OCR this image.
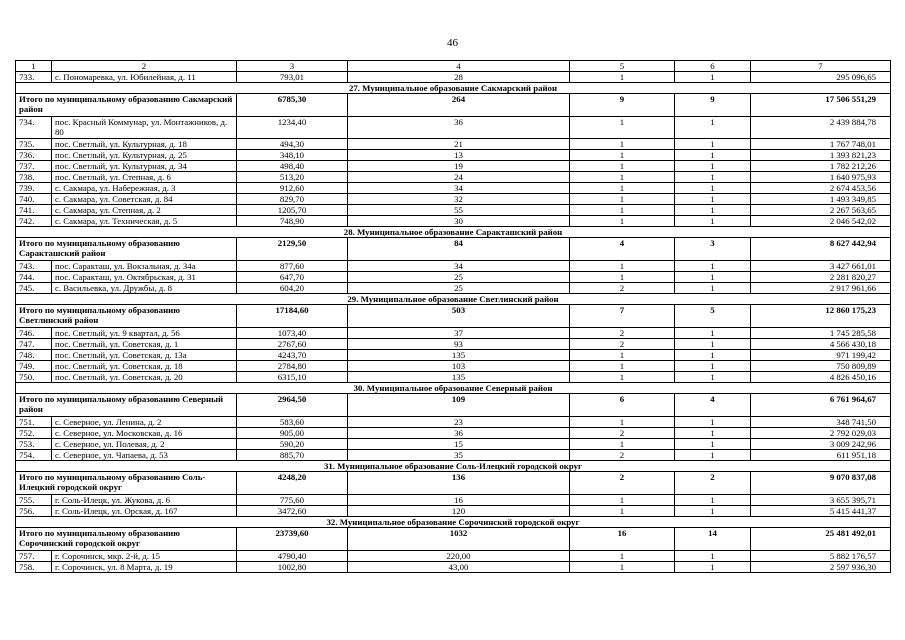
46
1	2	3	4	5	6	7
733.	с. Пономаревка, ул. Юбилейная, д. 11	793,01	28	1	1	295 096,65
27. Муниципальное образование Сакмарский район						
Итого по муниципальному образованию Сакмарский район		6785,30	264	9	9	17 506 551,29
734.	пос. Красный Коммунар, ул. Монтажников, д. 80	1234,40	36	1	1	2 439 884,78
735.	пос. Светлый, ул. Культурная, д. 18	494,30	21	1	1	1 767 748,01
736.	пос. Светлый, ул. Культурная, д. 25	348,10	13	1	1	1 393 821,23
737.	пос. Светлый, ул. Культурная, д. 34	498,40	19	1	1	1 782 212,26
738.	пос. Светлый, ул. Степная, д. 6	513,20	24	1	1	1 640 975,93
739.	с. Сакмара, ул. Набережная, д. 3	912,60	34	1	1	2 674 453,56
740.	с. Сакмара, ул. Советская, д. 84	829,70	32	1	1	1 493 349,85
741.	с. Сакмара, ул. Степная, д. 2	1205,70	55	1	1	2 267 563,65
742.	с. Сакмара, ул. Техническая, д. 5	748,90	30	1	1	2 046 542,02
28. Муниципальное образование Саракташский район						
Итого по муниципальному образованию Саракташский район		2129,50	84	4	3	8 627 442,94
743.	пос. Саракташ, ул. Вокзальная, д. 34а	877,60	34	1	1	3 427 661,01
744.	пос. Саракташ, ул. Октябрьская, д. 31	647,70	25	1	1	2 281 820,27
745.	с. Васильевка, ул. Дружбы, д. 8	604,20	25	2	1	2 917 961,66
29. Муниципальное образование Светлинский район						
Итого по муниципальному образованию Светлинский район		17184,60	503	7	5	12 860 175,23
746.	пос. Светлый, ул. 9 квартал, д. 56	1073,40	37	2	1	1 745 285,58
747.	пос. Светлый, ул. Советская, д. 1	2767,60	93	2	1	4 566 430,18
748.	пос. Светлый, ул. Советская, д. 13а	4243,70	135	1	1	971 199,42
749.	пос. Светлый, ул. Советская, д. 18	2784,80	103	1	1	750 809,89
750.	пос. Светлый, ул. Советская, д. 20	6315,10	135	1	1	4 826 450,16
30. Муниципальное образование Северный район						
Итого по муниципальному образованию Северный район		2964,50	109	6	4	6 761 964,67
751.	с. Северное, ул. Ленина, д. 2	583,60	23	1	1	348 741,50
752.	с. Северное, ул. Московская, д. 16	905,00	36	2	1	2 792 029,03
753.	с. Северное, ул. Полевая, д. 2	590,20	15	1	1	3 009 242,96
754.	с. Северное, ул. Чапаева, д. 53	885,70	35	2	1	611 951,18
31. Муниципальное образование Соль-Илецкий городской округ						
Итого по муниципальному образованию Соль-Илецкий городской округ		4248,20	136	2	2	9 070 837,08
755.	г. Соль-Илецк, ул. Жукова, д. 6	775,60	16	1	1	3 655 395,71
756.	г. Соль-Илецк, ул. Орская, д. 167	3472,60	120	1	1	5 415 441,37
32. Муниципальное образование Сорочинский городской округ						
Итого по муниципальному образованию Сорочинский городской округ		23739,60	1032	16	14	25 481 492,01
757.	г. Сорочинск, мкр. 2-й, д. 15	4790,40	220,00	1	1	5 882 176,57
758.	г. Сорочинск, ул. 8 Марта, д. 19	1002,80	43,00	1	1	2 597 936,30
